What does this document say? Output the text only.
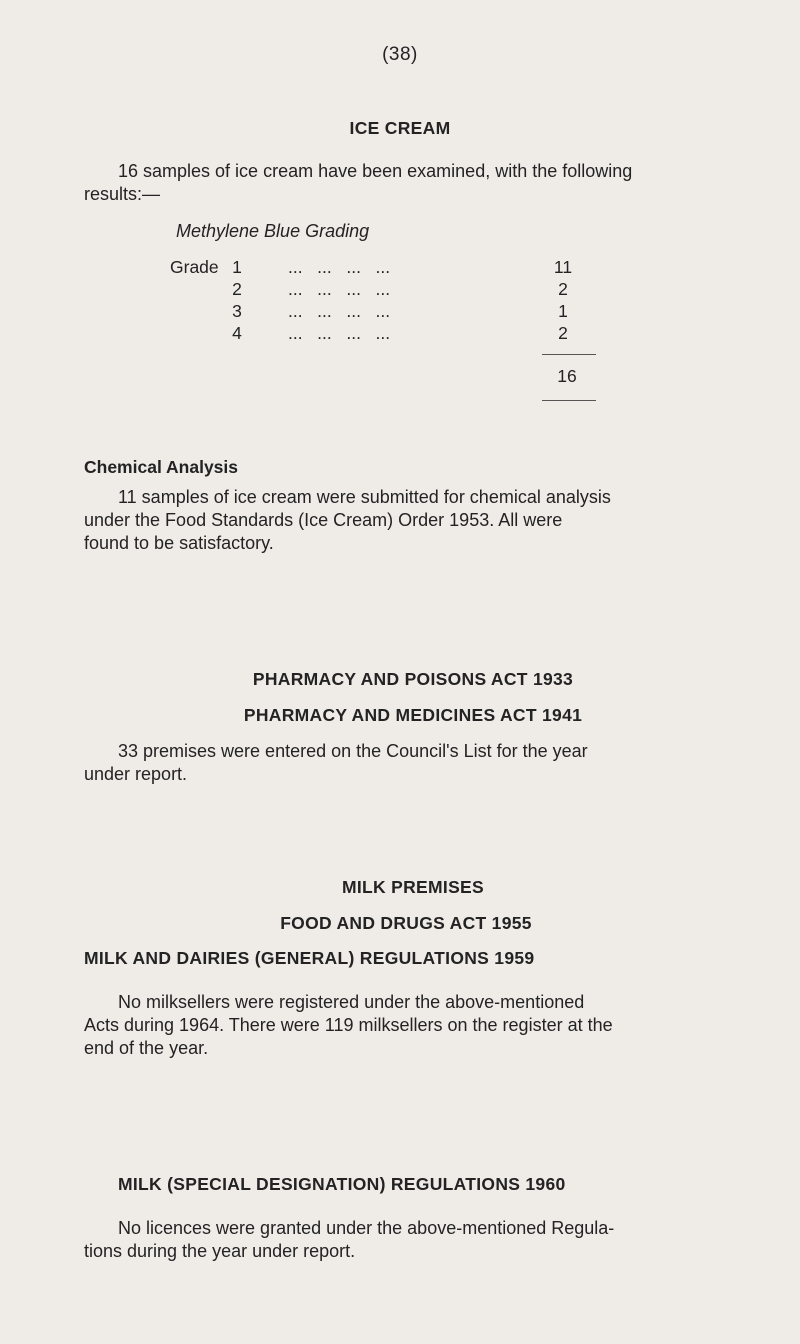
(38)
ICE CREAM
16 samples of ice cream have been examined, with the following
results:—
Methylene Blue Grading
Grade 1	...   ...   ...   ...	11
2	...   ...   ...   ...	2
3	...   ...   ...   ...	1
4	...   ...   ...   ...	2
16
Chemical Analysis
11 samples of ice cream were submitted for chemical analysis
under the Food Standards (Ice Cream) Order 1953. All were
found to be satisfactory.
PHARMACY AND POISONS ACT 1933
PHARMACY AND MEDICINES ACT 1941
33 premises were entered on the Council's List for the year
under report.
MILK PREMISES
FOOD AND DRUGS ACT 1955
MILK AND DAIRIES (GENERAL) REGULATIONS 1959
No milksellers were registered under the above-mentioned
Acts during 1964. There were 119 milksellers on the register at the
end of the year.
MILK (SPECIAL DESIGNATION) REGULATIONS 1960
No licences were granted under the above-mentioned Regula-
tions during the year under report.
